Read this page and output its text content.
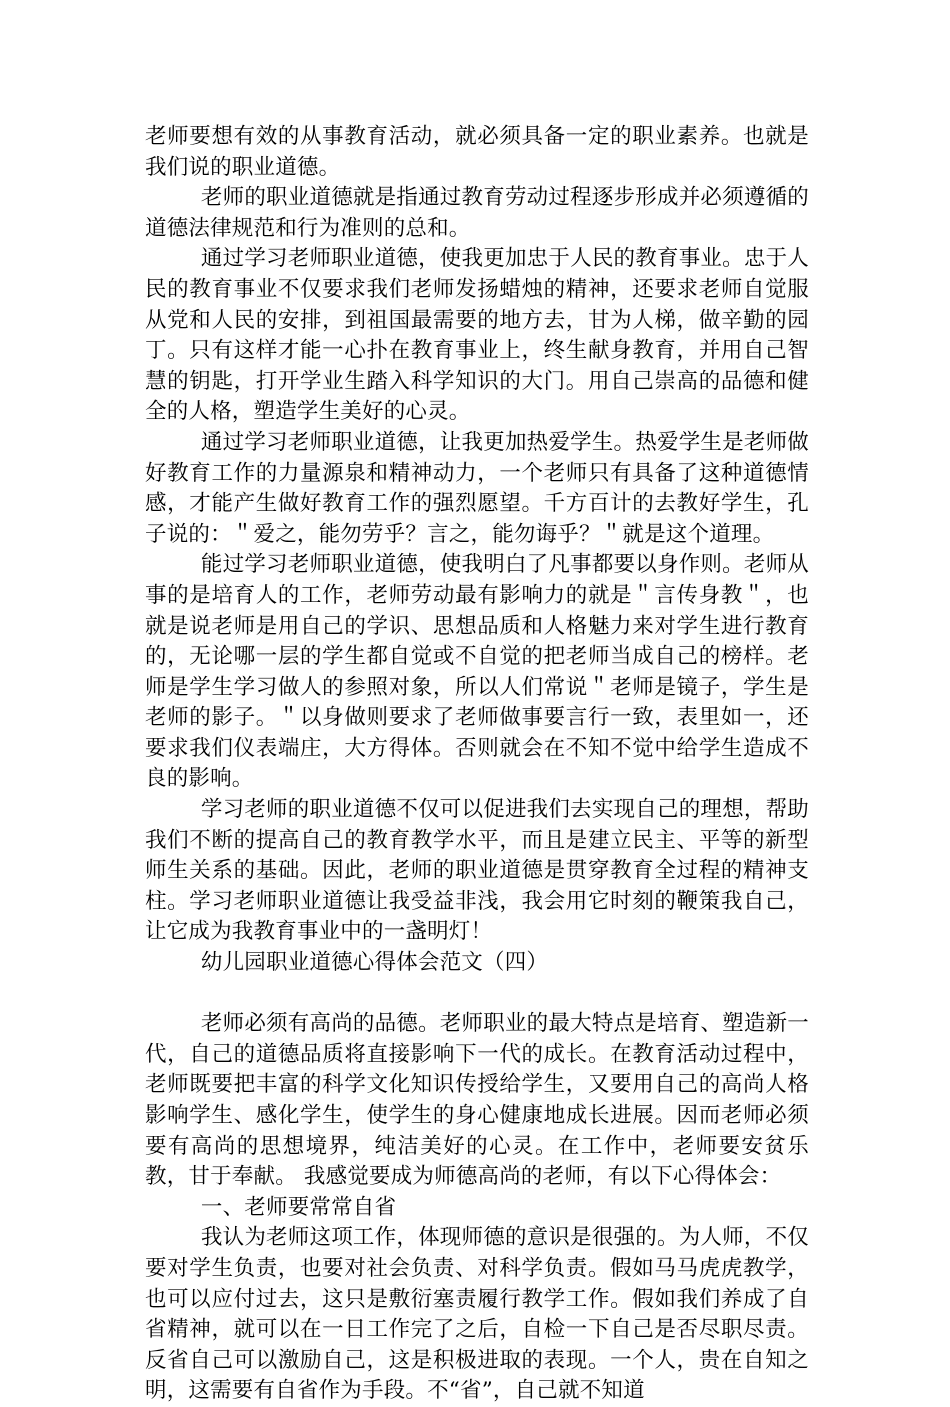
老师要想有效的从事教育活动，就必须具备一定的职业素养。也就是我们说的职业道德。

老师的职业道德就是指通过教育劳动过程逐步形成并必须遵循的道德法律规范和行为准则的总和。

通过学习老师职业道德，使我更加忠于人民的教育事业。忠于人民的教育事业不仅要求我们老师发扬蜡烛的精神，还要求老师自觉服从党和人民的安排，到祖国最需要的地方去，甘为人梯，做辛勤的园丁。只有这样才能一心扑在教育事业上，终生献身教育，并用自己智慧的钥匙，打开学业生踏入科学知识的大门。用自己崇高的品德和健全的人格，塑造学生美好的心灵。

通过学习老师职业道德，让我更加热爱学生。热爱学生是老师做好教育工作的力量源泉和精神动力，一个老师只有具备了这种道德情感，才能产生做好教育工作的强烈愿望。千方百计的去教好学生，孔子说的：＂爱之，能勿劳乎？言之，能勿诲乎？＂就是这个道理。

能过学习老师职业道德，使我明白了凡事都要以身作则。老师从事的是培育人的工作，老师劳动最有影响力的就是＂言传身教＂，也就是说老师是用自己的学识、思想品质和人格魅力来对学生进行教育的，无论哪一层的学生都自觉或不自觉的把老师当成自己的榜样。老师是学生学习做人的参照对象，所以人们常说＂老师是镜子，学生是老师的影子。＂以身做则要求了老师做事要言行一致，表里如一，还要求我们仪表端庄，大方得体。否则就会在不知不觉中给学生造成不良的影响。

学习老师的职业道德不仅可以促进我们去实现自己的理想，帮助我们不断的提高自己的教育教学水平，而且是建立民主、平等的新型师生关系的基础。因此，老师的职业道德是贯穿教育全过程的精神支柱。学习老师职业道德让我受益非浅，我会用它时刻的鞭策我自己，让它成为我教育事业中的一盏明灯！

幼儿园职业道德心得体会范文（四）

老师必须有高尚的品德。老师职业的最大特点是培育、塑造新一代，自己的道德品质将直接影响下一代的成长。在教育活动过程中，老师既要把丰富的科学文化知识传授给学生，又要用自己的高尚人格影响学生、感化学生，使学生的身心健康地成长进展。因而老师必须要有高尚的思想境界，纯洁美好的心灵。在工作中，老师要安贫乐教，甘于奉献。 我感觉要成为师德高尚的老师，有以下心得体会：

一、老师要常常自省

我认为老师这项工作，体现师德的意识是很强的。为人师，不仅要对学生负责，也要对社会负责、对科学负责。假如马马虎虎教学，也可以应付过去，这只是敷衍塞责履行教学工作。假如我们养成了自省精神，就可以在一日工作完了之后，自检一下自己是否尽职尽责。反省自己可以激励自己，这是积极进取的表现。一个人，贵在自知之明，这需要有自省作为手段。不“省”，自己就不知道
